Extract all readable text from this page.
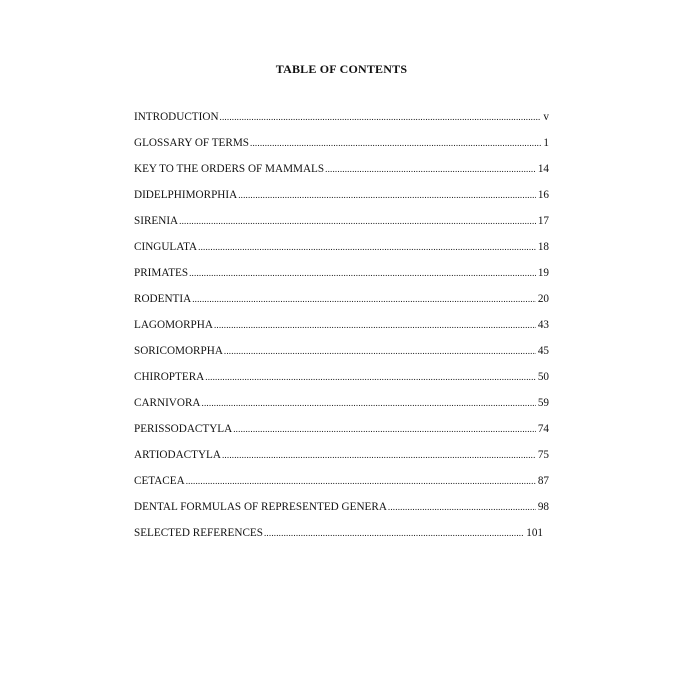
TABLE OF CONTENTS
INTRODUCTION .....	v
GLOSSARY OF TERMS .....	1
KEY TO THE ORDERS OF MAMMALS .....	14
DIDELPHIMORPHIA .....	16
SIRENIA .....	17
CINGULATA .....	18
PRIMATES .....	19
RODENTIA .....	20
LAGOMORPHA .....	43
SORICOMORPHA .....	45
CHIROPTERA .....	50
CARNIVORA .....	59
PERISSODACTYLA .....	74
ARTIODACTYLA .....	75
CETACEA .....	87
DENTAL FORMULAS OF REPRESENTED GENERA .....	98
SELECTED REFERENCES .....	101
